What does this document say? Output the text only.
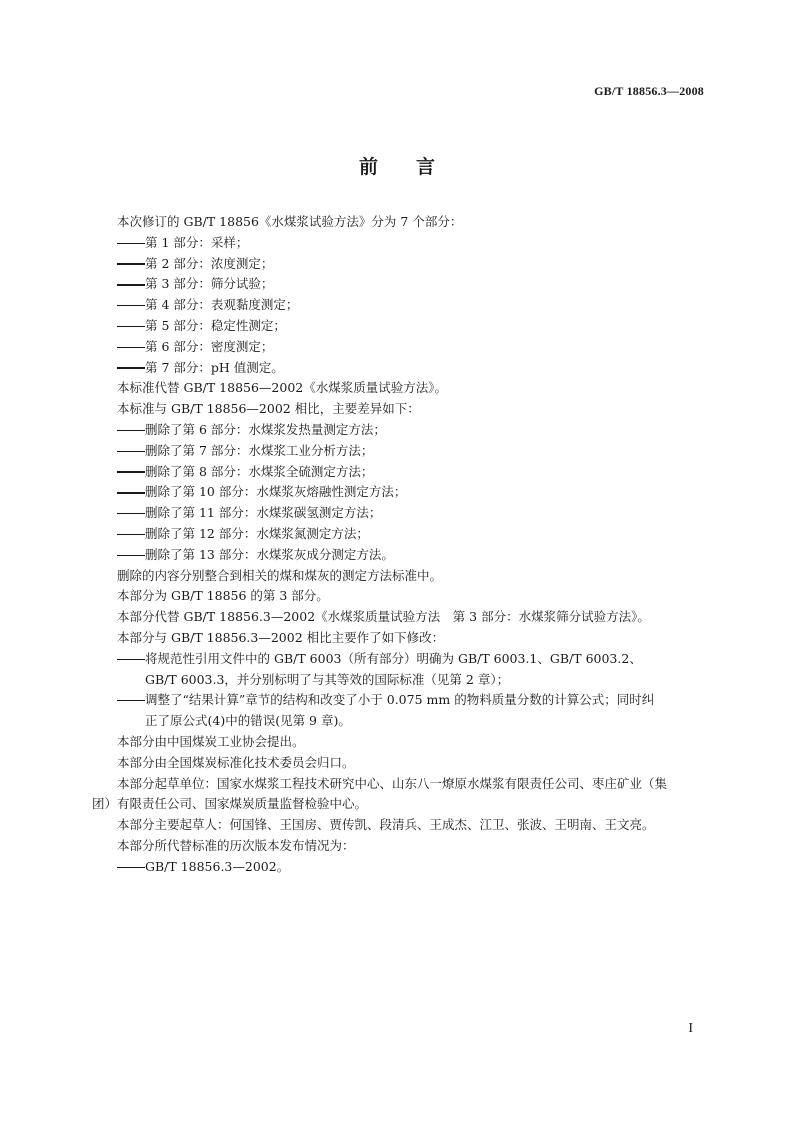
GB/T 18856.3—2008
前言
本次修订的 GB/T 18856《水煤浆试验方法》分为 7 个部分：
第 1 部分：采样；
第 2 部分：浓度测定；
第 3 部分：筛分试验；
第 4 部分：表观黏度测定；
第 5 部分：稳定性测定；
第 6 部分：密度测定；
第 7 部分：pH 值测定。
本标准代替 GB/T 18856—2002《水煤浆质量试验方法》。
本标准与 GB/T 18856—2002 相比，主要差异如下：
删除了第 6 部分：水煤浆发热量测定方法；
删除了第 7 部分：水煤浆工业分析方法；
删除了第 8 部分：水煤浆全硫测定方法；
删除了第 10 部分：水煤浆灰熔融性测定方法；
删除了第 11 部分：水煤浆碳氢测定方法；
删除了第 12 部分：水煤浆氮测定方法；
删除了第 13 部分：水煤浆灰成分测定方法。
删除的内容分别整合到相关的煤和煤灰的测定方法标准中。
本部分为 GB/T 18856 的第 3 部分。
本部分代替 GB/T 18856.3—2002《水煤浆质量试验方法　第 3 部分：水煤浆筛分试验方法》。
本部分与 GB/T 18856.3—2002 相比主要作了如下修改：
将规范性引用文件中的 GB/T 6003（所有部分）明确为 GB/T 6003.1、GB/T 6003.2、
GB/T 6003.3，并分别标明了与其等效的国际标准（见第 2 章）；
调整了“结果计算”章节的结构和改变了小于 0.075 mm 的物料质量分数的计算公式；同时纠
正了原公式(4)中的错误(见第 9 章)。
本部分由中国煤炭工业协会提出。
本部分由全国煤炭标准化技术委员会归口。
本部分起草单位：国家水煤浆工程技术研究中心、山东八一燎原水煤浆有限责任公司、枣庄矿业（集
团）有限责任公司、国家煤炭质量监督检验中心。
本部分主要起草人：何国锋、王国房、贾传凯、段清兵、王成杰、江卫、张波、王明南、王文亮。
本部分所代替标准的历次版本发布情况为：
GB/T 18856.3—2002。
I
